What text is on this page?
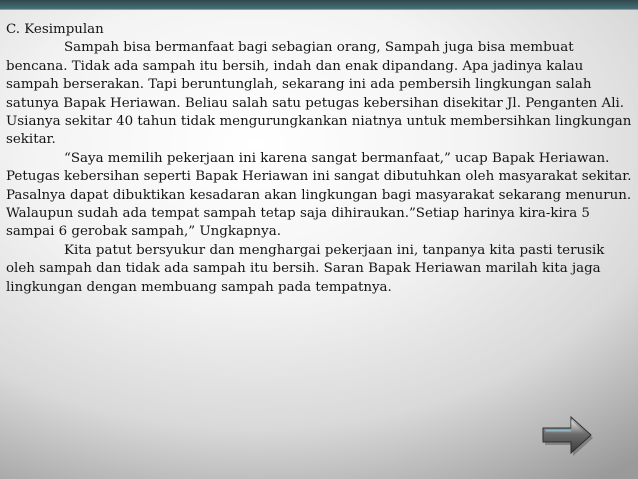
C. Kesimpulan

Sampah bisa bermanfaat bagi sebagian orang, Sampah juga bisa membuat bencana. Tidak ada sampah itu bersih, indah dan enak dipandang. Apa jadinya kalau sampah berserakan. Tapi beruntunglah, sekarang ini ada pembersih lingkungan salah satunya Bapak Heriawan. Beliau salah satu petugas kebersihan disekitar Jl. Penganten Ali. Usianya sekitar 40 tahun tidak mengurungkankan niatnya untuk membersihkan lingkungan sekitar.

“Saya memilih pekerjaan ini karena sangat bermanfaat,” ucap Bapak Heriawan. Petugas kebersihan seperti Bapak Heriawan ini sangat dibutuhkan oleh masyarakat sekitar. Pasalnya dapat dibuktikan kesadaran akan lingkungan bagi masyarakat sekarang menurun. Walaupun sudah ada tempat sampah tetap saja dihiraukan.”Setiap harinya kira-kira 5 sampai 6 gerobak sampah,” Ungkapnya.

Kita patut bersyukur dan menghargai pekerjaan ini, tanpanya kita pasti terusik oleh sampah dan tidak ada sampah itu bersih. Saran Bapak Heriawan marilah kita jaga lingkungan dengan membuang sampah pada tempatnya.
